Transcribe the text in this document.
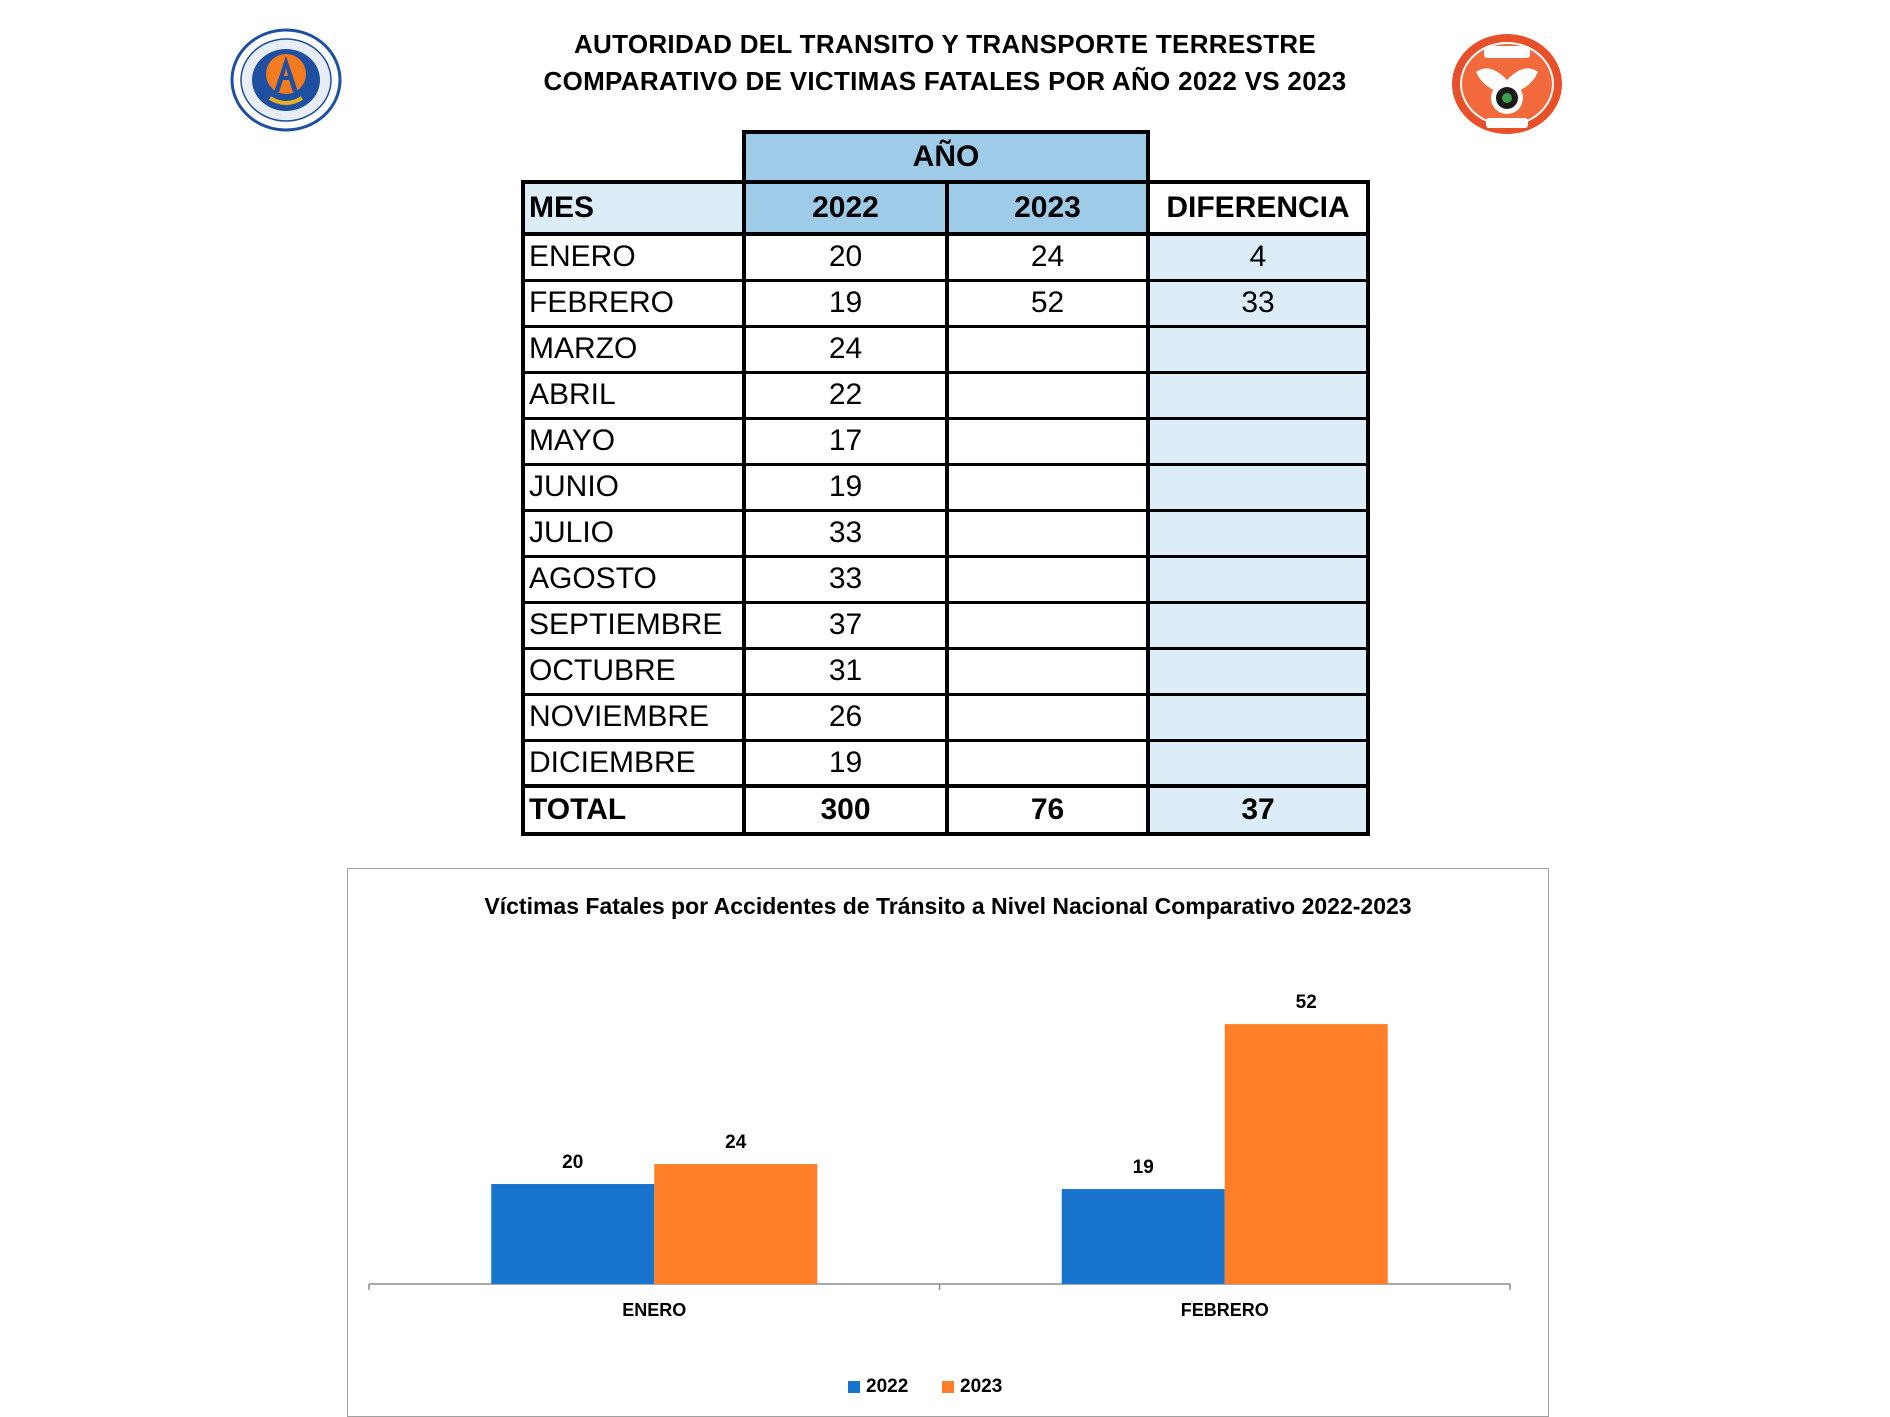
AUTORIDAD DEL TRANSITO Y TRANSPORTE TERRESTRE
COMPARATIVO DE VICTIMAS FATALES POR AÑO 2022 VS 2023
Víctimas Fatales por Accidentes de Tránsito a Nivel Nacional Comparativo 2022-2023
20
24
ENERO
19
52
FEBRERO
2022	2023
AÑO
MES	2022	2023	DIFERENCIA
ENERO	20	24	4
FEBRERO	19	52	33
MARZO	24
ABRIL	22
MAYO	17
JUNIO	19
JULIO	33
AGOSTO	33
SEPTIEMBRE	37
OCTUBRE	31
NOVIEMBRE	26
DICIEMBRE	19
TOTAL	300	76	37
